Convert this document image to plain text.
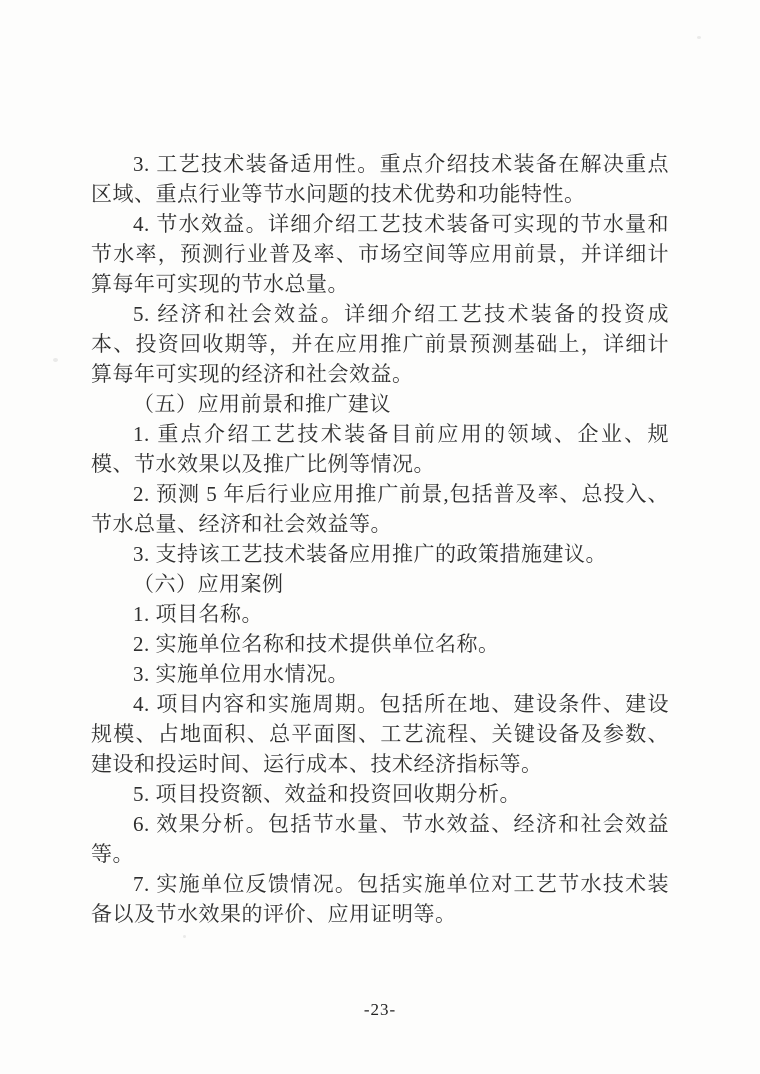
3. 工艺技术装备适用性。重点介绍技术装备在解决重点区域、重点行业等节水问题的技术优势和功能特性。

4. 节水效益。详细介绍工艺技术装备可实现的节水量和节水率，预测行业普及率、市场空间等应用前景，并详细计算每年可实现的节水总量。

5. 经济和社会效益。详细介绍工艺技术装备的投资成本、投资回收期等，并在应用推广前景预测基础上，详细计算每年可实现的经济和社会效益。

（五）应用前景和推广建议

1. 重点介绍工艺技术装备目前应用的领域、企业、规模、节水效果以及推广比例等情况。

2. 预测 5 年后行业应用推广前景,包括普及率、总投入、节水总量、经济和社会效益等。

3. 支持该工艺技术装备应用推广的政策措施建议。

（六）应用案例

1. 项目名称。

2. 实施单位名称和技术提供单位名称。

3. 实施单位用水情况。

4. 项目内容和实施周期。包括所在地、建设条件、建设规模、占地面积、总平面图、工艺流程、关键设备及参数、建设和投运时间、运行成本、技术经济指标等。

5. 项目投资额、效益和投资回收期分析。

6. 效果分析。包括节水量、节水效益、经济和社会效益等。

7. 实施单位反馈情况。包括实施单位对工艺节水技术装备以及节水效果的评价、应用证明等。

-23-
